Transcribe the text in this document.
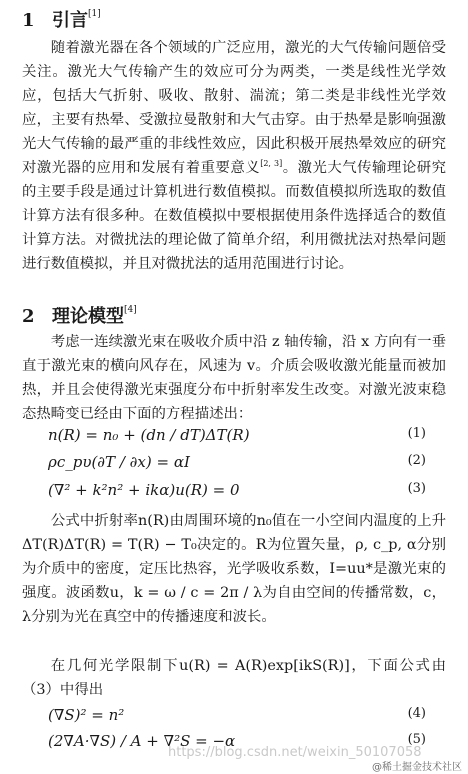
1 引言[1]
随着激光器在各个领域的广泛应用，激光的大气传输问题倍受关注。激光大气传输产生的效应可分为两类，一类是线性光学效应，包括大气折射、吸收、散射、湍流；第二类是非线性光学效应，主要有热晕、受激拉曼散射和大气击穿。由于热晕是影响强激光大气传输的最严重的非线性效应，因此积极开展热晕效应的研究对激光器的应用和发展有着重要意义[2, 3]。激光大气传输理论研究的主要手段是通过计算机进行数值模拟。而数值模拟所选取的数值计算方法有很多种。在数值模拟中要根据使用条件选择适合的数值计算方法。对微扰法的理论做了简单介绍，利用微扰法对热晕问题进行数值模拟，并且对微扰法的适用范围进行讨论。
2 理论模型[4]
考虑一连续激光束在吸收介质中沿 z 轴传输，沿 x 方向有一垂直于激光束的横向风存在，风速为 v。介质会吸收激光能量而被加热，并且会使得激光束强度分布中折射率发生改变。对激光波束稳态热畸变已经由下面的方程描述出：
n(R) = n₀ + (dn / dT)ΔT(R)	(1)
ρc_pυ(∂T / ∂x) = αI	(2)
(∇² + k²n² + ikα)u(R) = 0	(3)
公式中折射率n(R)由周围环境的n₀值在一小空间内温度的上升ΔT(R)ΔT(R) = T(R) − T₀决定的。R为位置矢量，ρ, c_p, α分别为介质中的密度，定压比热容，光学吸收系数，I=uu*是激光束的强度。波函数u，k = ω / c = 2π / λ为自由空间的传播常数，c，λ分别为光在真空中的传播速度和波长。
在几何光学限制下u(R) = A(R)exp[ikS(R)]，下面公式由（3）中得出
(∇S)² = n²	(4)
(2∇A·∇S) / A + ∇²S = −α	(5)
https://blog.csdn.net/weixin_50107058
@稀土掘金技术社区
